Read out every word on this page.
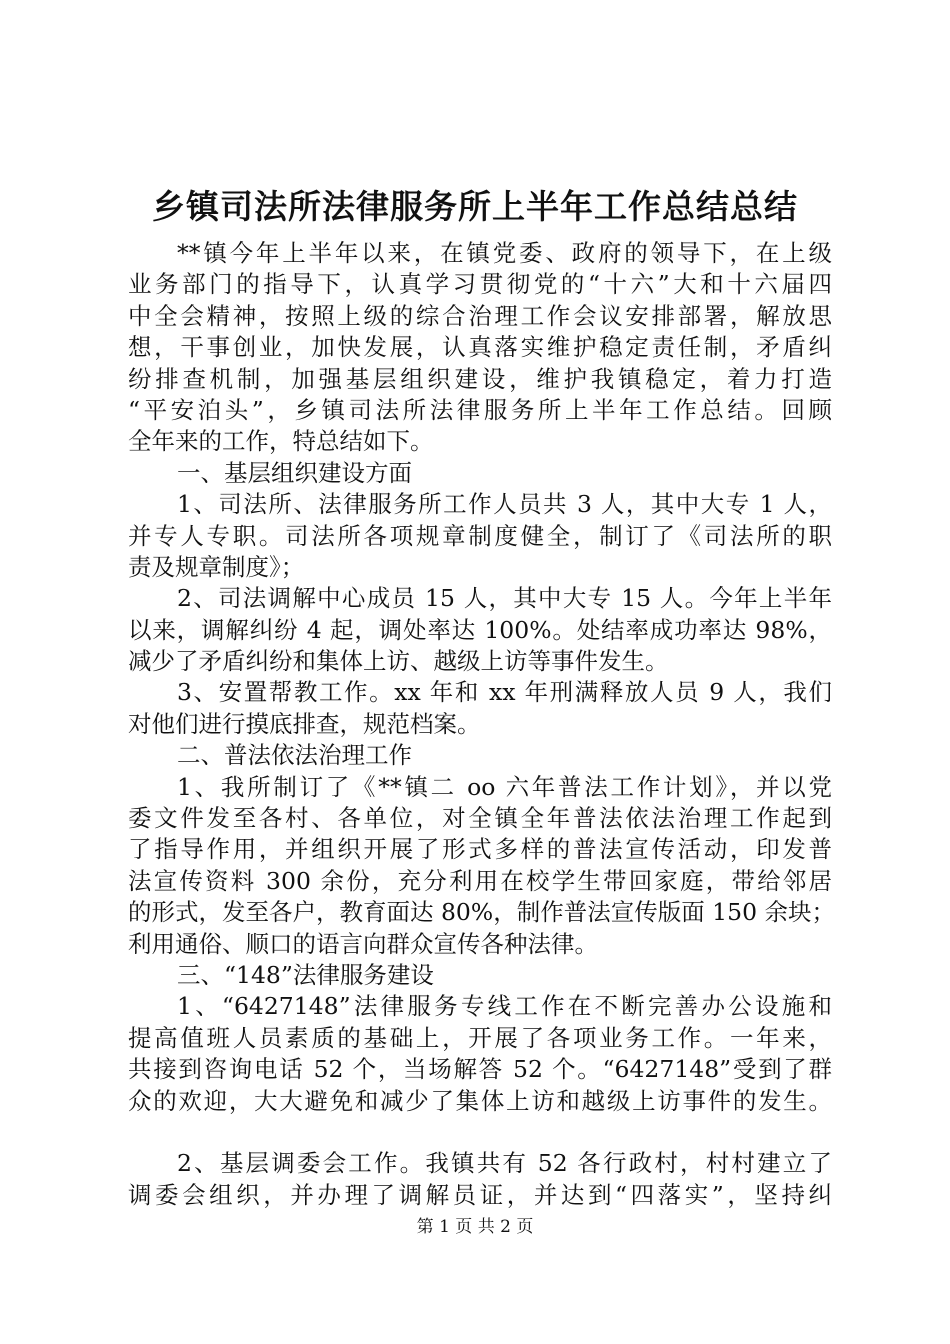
乡镇司法所法律服务所上半年工作总结总结
**镇今年上半年以来，在镇党委、政府的领导下，在上级
业务部门的指导下，认真学习贯彻党的“十六”大和十六届四
中全会精神，按照上级的综合治理工作会议安排部署，解放思
想，干事创业，加快发展，认真落实维护稳定责任制，矛盾纠
纷排查机制，加强基层组织建设，维护我镇稳定，着力打造
“平安泊头”，乡镇司法所法律服务所上半年工作总结。回顾
全年来的工作，特总结如下。
一、基层组织建设方面
1、司法所、法律服务所工作人员共 3 人，其中大专 1 人，
并专人专职。司法所各项规章制度健全，制订了《司法所的职
责及规章制度》；
2、司法调解中心成员 15 人，其中大专 15 人。今年上半年
以来，调解纠纷 4 起，调处率达 100%。处结率成功率达 98%，
减少了矛盾纠纷和集体上访、越级上访等事件发生。
3、安置帮教工作。xx 年和 xx 年刑满释放人员 9 人，我们
对他们进行摸底排查，规范档案。
二、普法依法治理工作
1、我所制订了《**镇二 oo 六年普法工作计划》，并以党
委文件发至各村、各单位，对全镇全年普法依法治理工作起到
了指导作用，并组织开展了形式多样的普法宣传活动，印发普
法宣传资料 300 余份，充分利用在校学生带回家庭，带给邻居
的形式，发至各户，教育面达 80%，制作普法宣传版面 150 余块；
利用通俗、顺口的语言向群众宣传各种法律。
三、“148”法律服务建设
1、“6427148”法律服务专线工作在不断完善办公设施和
提高值班人员素质的基础上，开展了各项业务工作。一年来，
共接到咨询电话 52 个，当场解答 52 个。“6427148”受到了群
众的欢迎，大大避免和减少了集体上访和越级上访事件的发生。
2、基层调委会工作。我镇共有 52 各行政村，村村建立了
调委会组织，并办理了调解员证，并达到“四落实”，坚持纠
第 1 页 共 2 页
